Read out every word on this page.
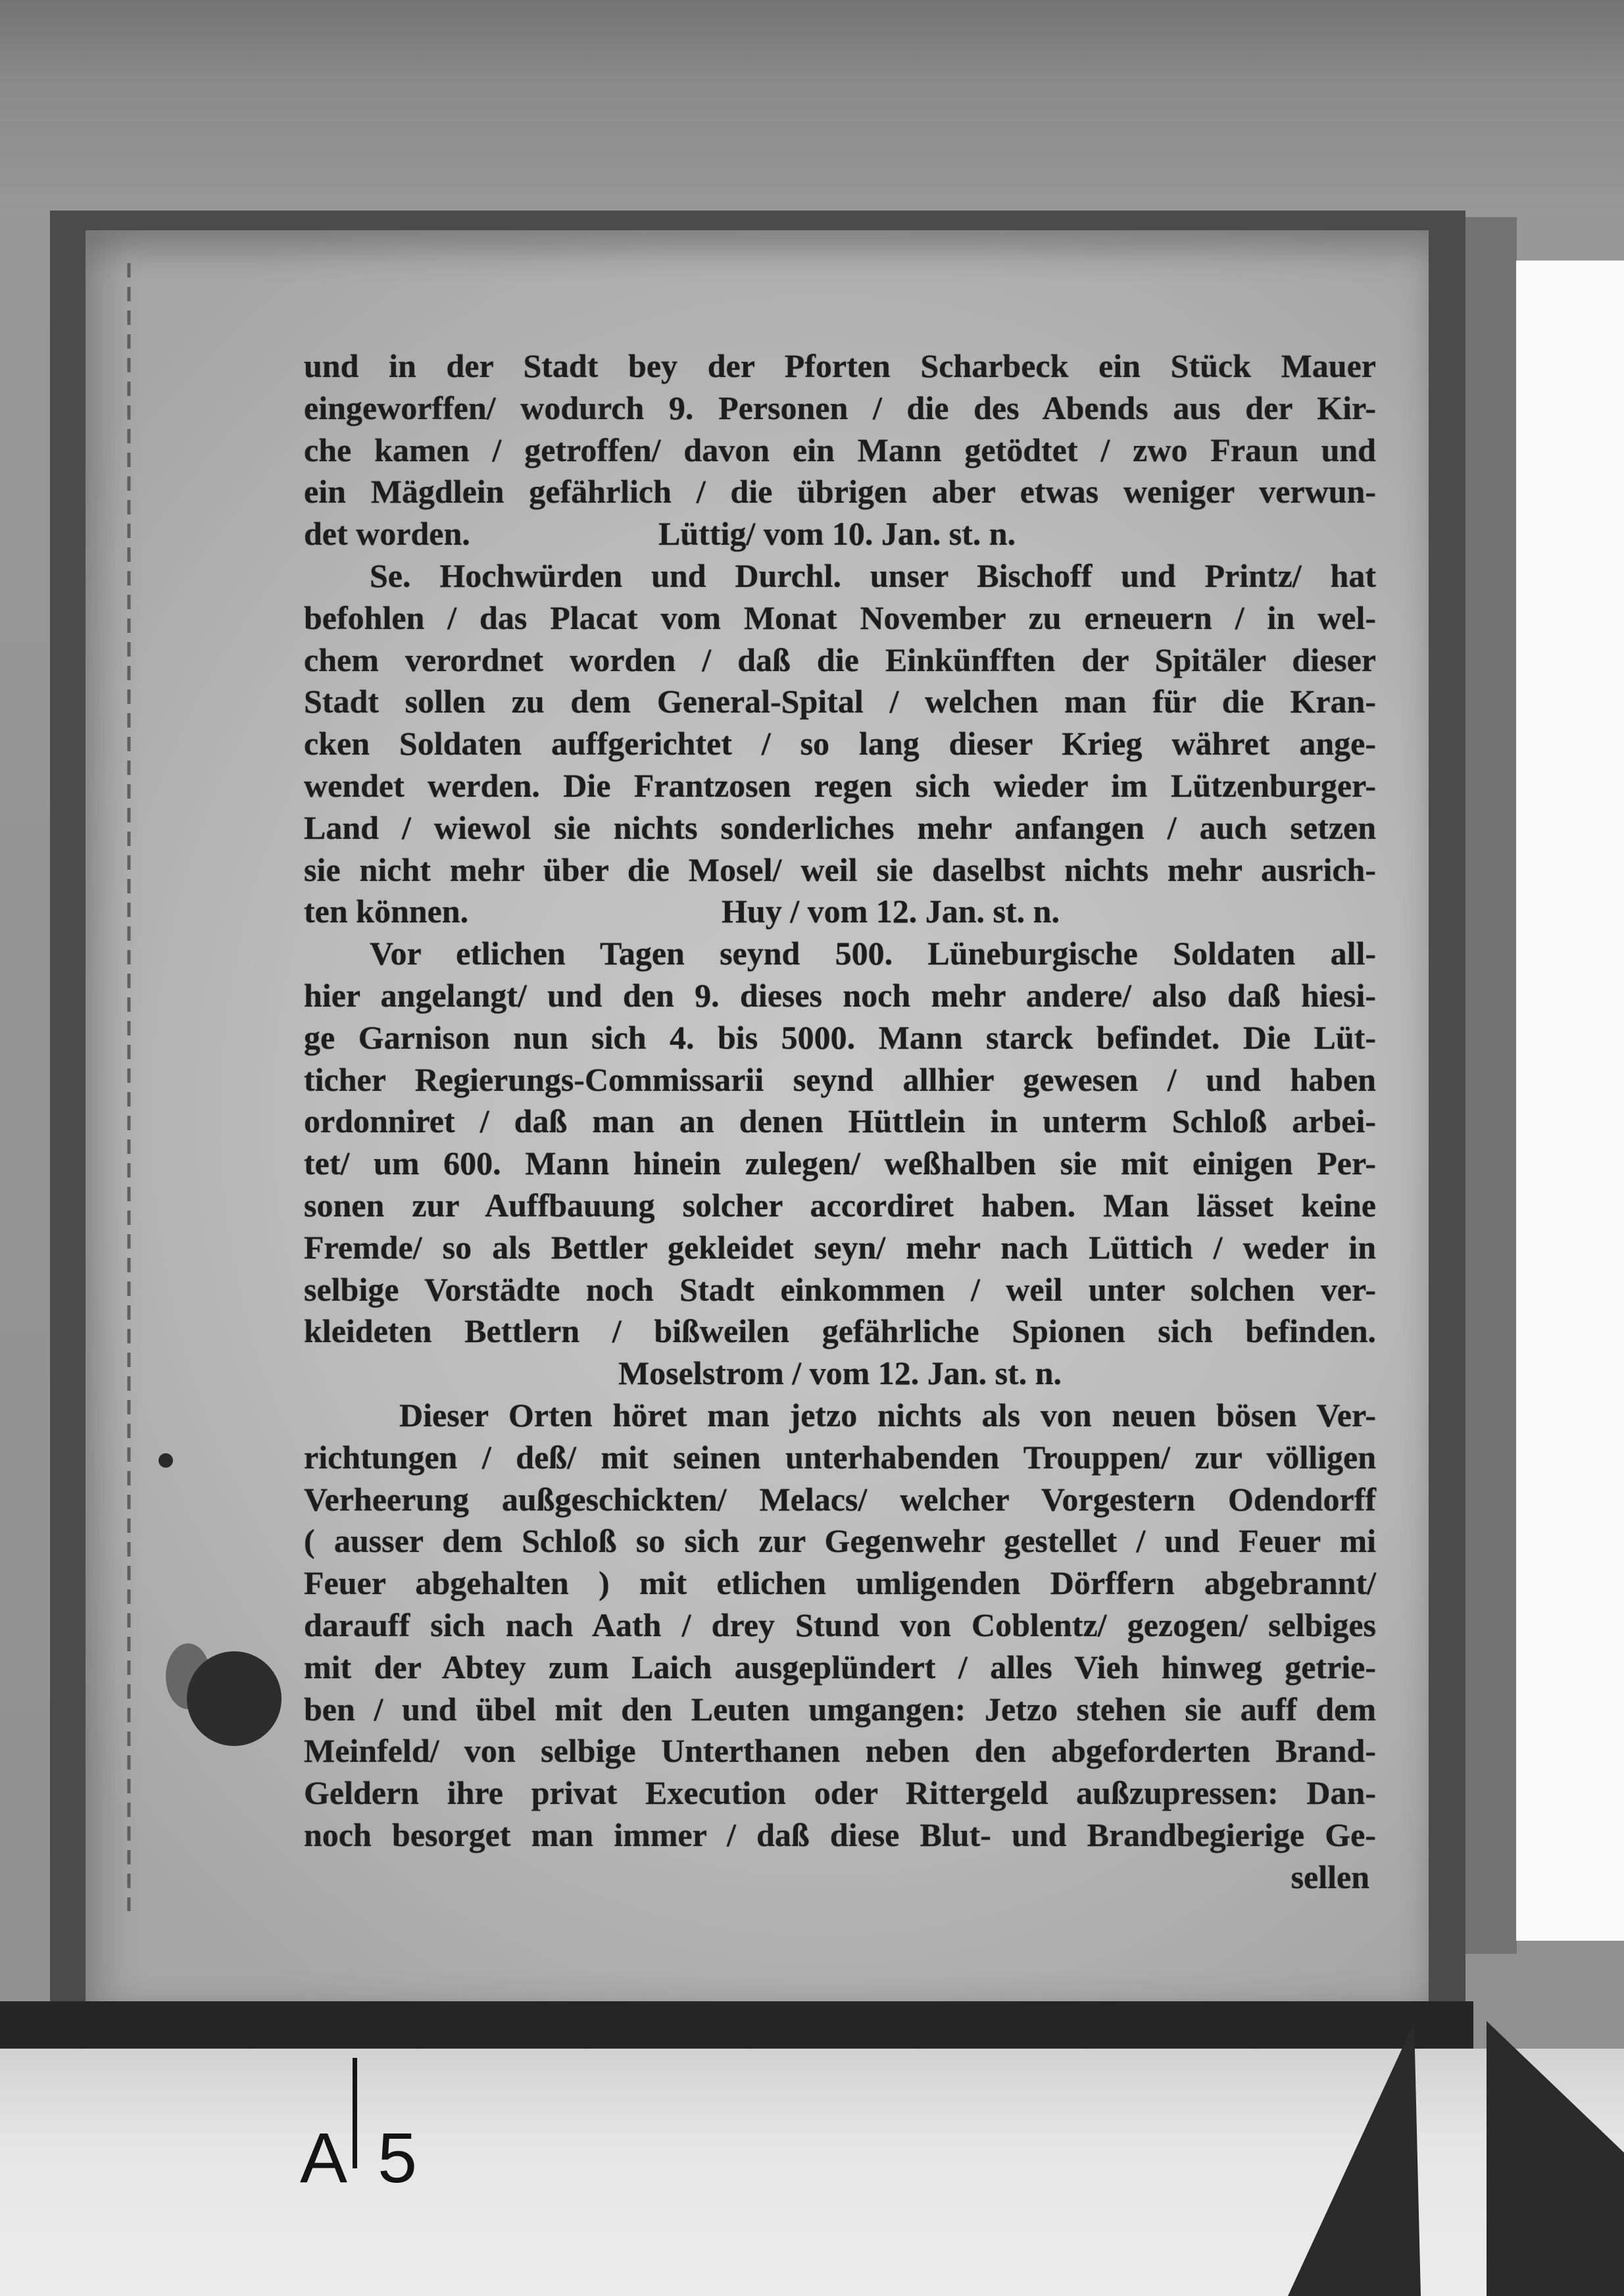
und in der Stadt bey der Pforten Scharbeck ein Stück Mauer
eingeworffen/ wodurch 9. Personen / die des Abends aus der Kir-
che kamen / getroffen/ davon ein Mann getödtet / zwo Fraun und
ein Mägdlein gefährlich / die übrigen aber etwas weniger verwun-
det worden.	Lüttig/ vom 10. Jan. st. n.
Se. Hochwürden und Durchl. unser Bischoff und Printz/ hat
befohlen / das Placat vom Monat November zu erneuern / in wel-
chem verordnet worden / daß die Einkünfften der Spitäler dieser
Stadt sollen zu dem General-Spital / welchen man für die Kran-
cken Soldaten auffgerichtet / so lang dieser Krieg währet ange-
wendet werden. Die Frantzosen regen sich wieder im Lützenburger-
Land / wiewol sie nichts sonderliches mehr anfangen / auch setzen
sie nicht mehr über die Mosel/ weil sie daselbst nichts mehr ausrich-
ten können.	Huy / vom 12. Jan. st. n.
Vor etlichen Tagen seynd 500. Lüneburgische Soldaten all-
hier angelangt/ und den 9. dieses noch mehr andere/ also daß hiesi-
ge Garnison nun sich 4. bis 5000. Mann starck befindet. Die Lüt-
ticher Regierungs-Commissarii seynd allhier gewesen / und haben
ordonniret / daß man an denen Hüttlein in unterm Schloß arbei-
tet/ um 600. Mann hinein zulegen/ weßhalben sie mit einigen Per-
sonen zur Auffbauung solcher accordiret haben. Man lässet keine
Fremde/ so als Bettler gekleidet seyn/ mehr nach Lüttich / weder in
selbige Vorstädte noch Stadt einkommen / weil unter solchen ver-
kleideten Bettlern / bißweilen gefährliche Spionen sich befinden.
Moselstrom / vom 12. Jan. st. n.
Dieser Orten höret man jetzo nichts als von neuen bösen Ver-
richtungen / deß/ mit seinen unterhabenden Trouppen/ zur völligen
Verheerung außgeschickten/ Melacs/ welcher Vorgestern Odendorff
( ausser dem Schloß so sich zur Gegenwehr gestellet / und Feuer mi
Feuer abgehalten ) mit etlichen umligenden Dörffern abgebrannt/
darauff sich nach Aath / drey Stund von Coblentz/ gezogen/ selbiges
mit der Abtey zum Laich ausgeplündert / alles Vieh hinweg getrie-
ben / und übel mit den Leuten umgangen: Jetzo stehen sie auff dem
Meinfeld/ von selbige Unterthanen neben den abgeforderten Brand-
Geldern ihre privat Execution oder Rittergeld außzupressen: Dan-
noch besorget man immer / daß diese Blut- und Brandbegierige Ge-
sellen
A 5
